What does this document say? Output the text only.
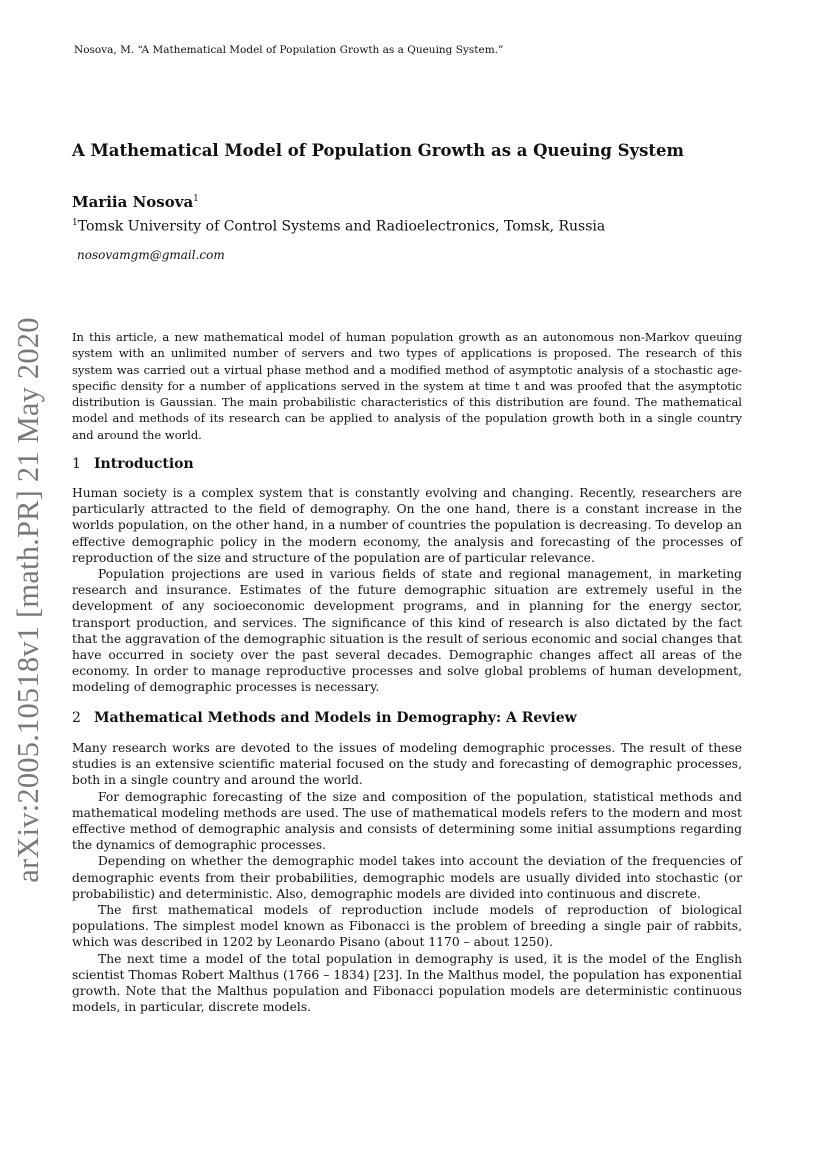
Nosova, M. “A Mathematical Model of Population Growth as a Queuing System.”
arXiv:2005.10518v1 [math.PR] 21 May 2020
A Mathematical Model of Population Growth as a Queuing System
Mariia Nosova$^1$
$^1$Tomsk University of Control Systems and Radioelectronics, Tomsk, Russia
nosovamgm@gmail.com

In this article, a new mathematical model of human population growth as an autonomous non-Markov queuing system with an unlimited number of servers and two types of applications is proposed. The research of this system was carried out a virtual phase method and a modified method of asymptotic analysis of a stochastic age-specific density for a number of applications served in the system at time t and was proofed that the asymptotic distribution is Gaussian. The main probabilistic characteristics of this distribution are found. The mathematical model and methods of its research can be applied to analysis of the population growth both in a single country and around the world.

1 Introduction

Human society is a complex system that is constantly evolving and changing. Recently, researchers are particularly attracted to the field of demography. On the one hand, there is a constant increase in the worlds population, on the other hand, in a number of countries the population is decreasing. To develop an effective demographic policy in the modern economy, the analysis and forecasting of the processes of reproduction of the size and structure of the population are of particular relevance.

Population projections are used in various fields of state and regional management, in marketing research and insurance. Estimates of the future demographic situation are extremely useful in the development of any socioeconomic development programs, and in planning for the energy sector, transport production, and services. The significance of this kind of research is also dictated by the fact that the aggravation of the demographic situation is the result of serious economic and social changes that have occurred in society over the past several decades. Demographic changes affect all areas of the economy. In order to manage reproductive processes and solve global problems of human development, modeling of demographic processes is necessary.

2 Mathematical Methods and Models in Demography: A Review

Many research works are devoted to the issues of modeling demographic processes. The result of these studies is an extensive scientific material focused on the study and forecasting of demographic processes, both in a single country and around the world.

For demographic forecasting of the size and composition of the population, statistical methods and mathematical modeling methods are used. The use of mathematical models refers to the modern and most effective method of demographic analysis and consists of determining some initial assumptions regarding the dynamics of demographic processes.

Depending on whether the demographic model takes into account the deviation of the frequencies of demographic events from their probabilities, demographic models are usually divided into stochastic (or probabilistic) and deterministic. Also, demographic models are divided into continuous and discrete.

The first mathematical models of reproduction include models of reproduction of biological populations. The simplest model known as Fibonacci is the problem of breeding a single pair of rabbits, which was described in 1202 by Leonardo Pisano (about 1170 – about 1250).

The next time a model of the total population in demography is used, it is the model of the English scientist Thomas Robert Malthus (1766 – 1834) [23]. In the Malthus model, the population has exponential growth. Note that the Malthus population and Fibonacci population models are deterministic continuous models, in particular, discrete models.
